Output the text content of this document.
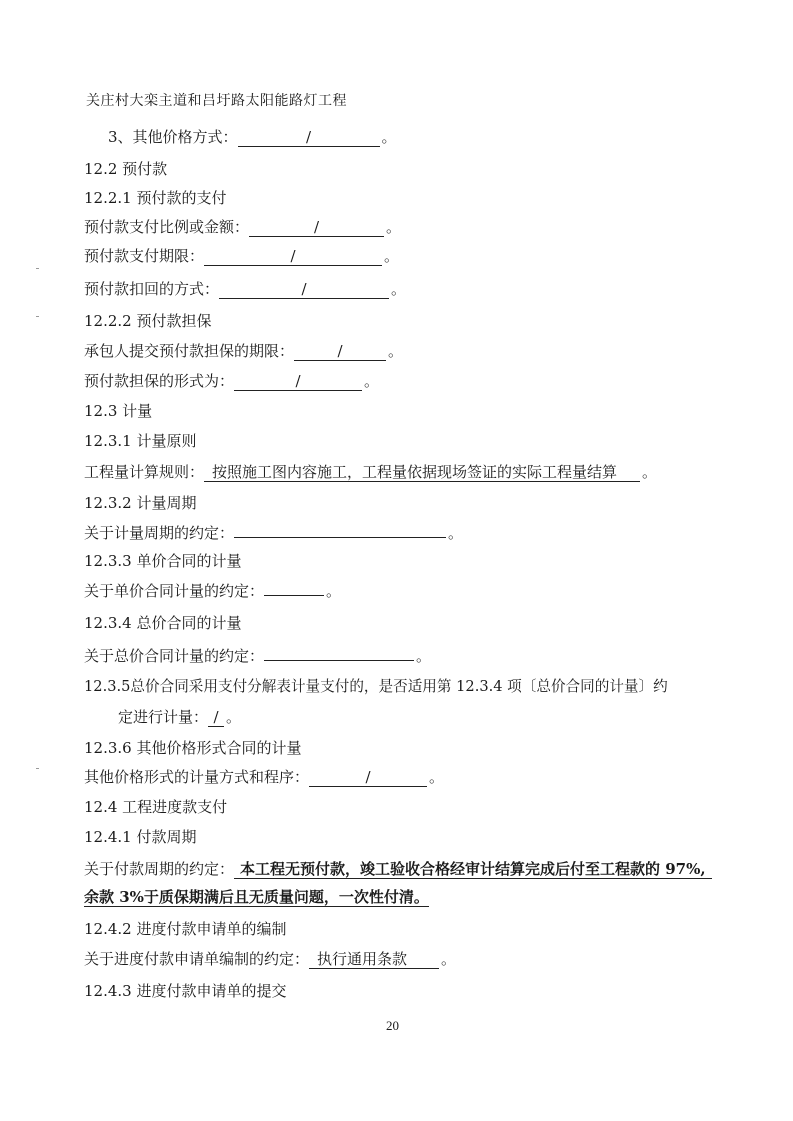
关庄村大栾主道和吕圩路太阳能路灯工程
3、其他价格方式：	/	。
12.2 预付款
12.2.1 预付款的支付
预付款支付比例或金额：	/	。
预付款支付期限：	/	。
预付款扣回的方式：	/	。
12.2.2 预付款担保
承包人提交预付款担保的期限：	/	。
预付款担保的形式为：	/	。
12.3 计量
12.3.1 计量原则
工程量计算规则： 按照施工图内容施工，工程量依据现场签证的实际工程量结算 。
12.3.2 计量周期
关于计量周期的约定：	。
12.3.3 单价合同的计量
关于单价合同计量的约定：	。
12.3.4 总价合同的计量
关于总价合同计量的约定：	。
12.3.5总价合同采用支付分解表计量支付的，是否适用第 12.3.4 项〔总价合同的计量〕约
定进行计量： / 。
12.3.6 其他价格形式合同的计量
其他价格形式的计量方式和程序：	/	。
12.4 工程进度款支付
12.4.1 付款周期
关于付款周期的约定： 本工程无预付款，竣工验收合格经审计结算完成后付至工程款的 97%,
余款 3%于质保期满后且无质量问题，一次性付清。
12.4.2 进度付款申请单的编制
关于进度付款申请单编制的约定： 执行通用条款 。
12.4.3 进度付款申请单的提交
20
